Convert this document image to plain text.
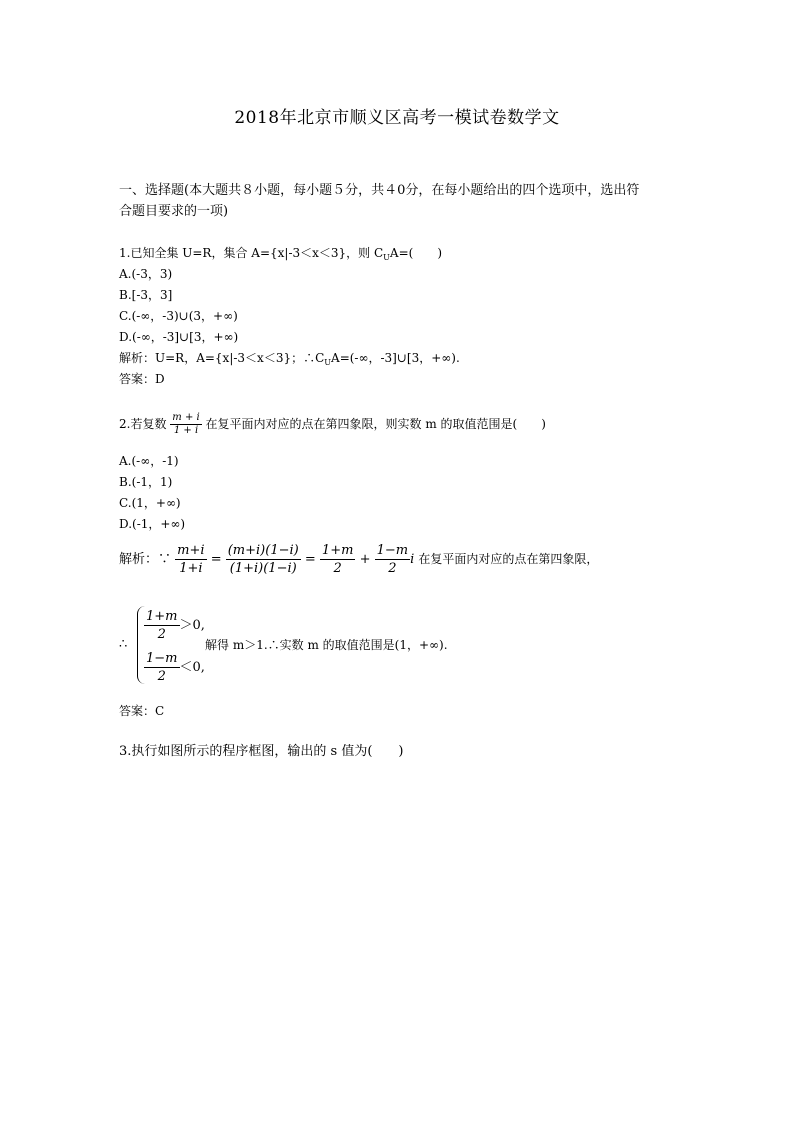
2018年北京市顺义区高考一模试卷数学文
一、选择题(本大题共８小题，每小题５分，共４0分，在每小题给出的四个选项中，选出符
合题目要求的一项)
1.已知全集 U=R，集合 A={x|-3＜x＜3}，则 $C_UA=$(　　)
A.(-3，3)
B.[-3，3]
C.(-∞，-3)∪(3，+∞)
D.(-∞，-3]∪[3，+∞)
解析：U=R，A={x|-3＜x＜3}；$\therefore C_UA=(-\infty$，-3]∪[3，+∞).
答案：D
2.若复数 $\frac{m + i}{1 + i}$ 在复平面内对应的点在第四象限，则实数 m 的取值范围是(　　)
A.(-∞，-1)
B.(-1，1)
C.(1，+∞)
D.(-1，+∞)
解析：∵ $\frac{m+i}{1+i} = \frac{(m+i)(1-i)}{(1+i)(1-i)} = \frac{1+m}{2} + \frac{1-m}{2}$ i 在复平面内对应的点在第四象限，
∴
$\frac{1+m}{2} >0$,
$\frac{1-m}{2} <0$,
解得 m＞1.∴实数 m 的取值范围是(1，+∞).
答案：C
3.执行如图所示的程序框图，输出的 s 值为(　　)
